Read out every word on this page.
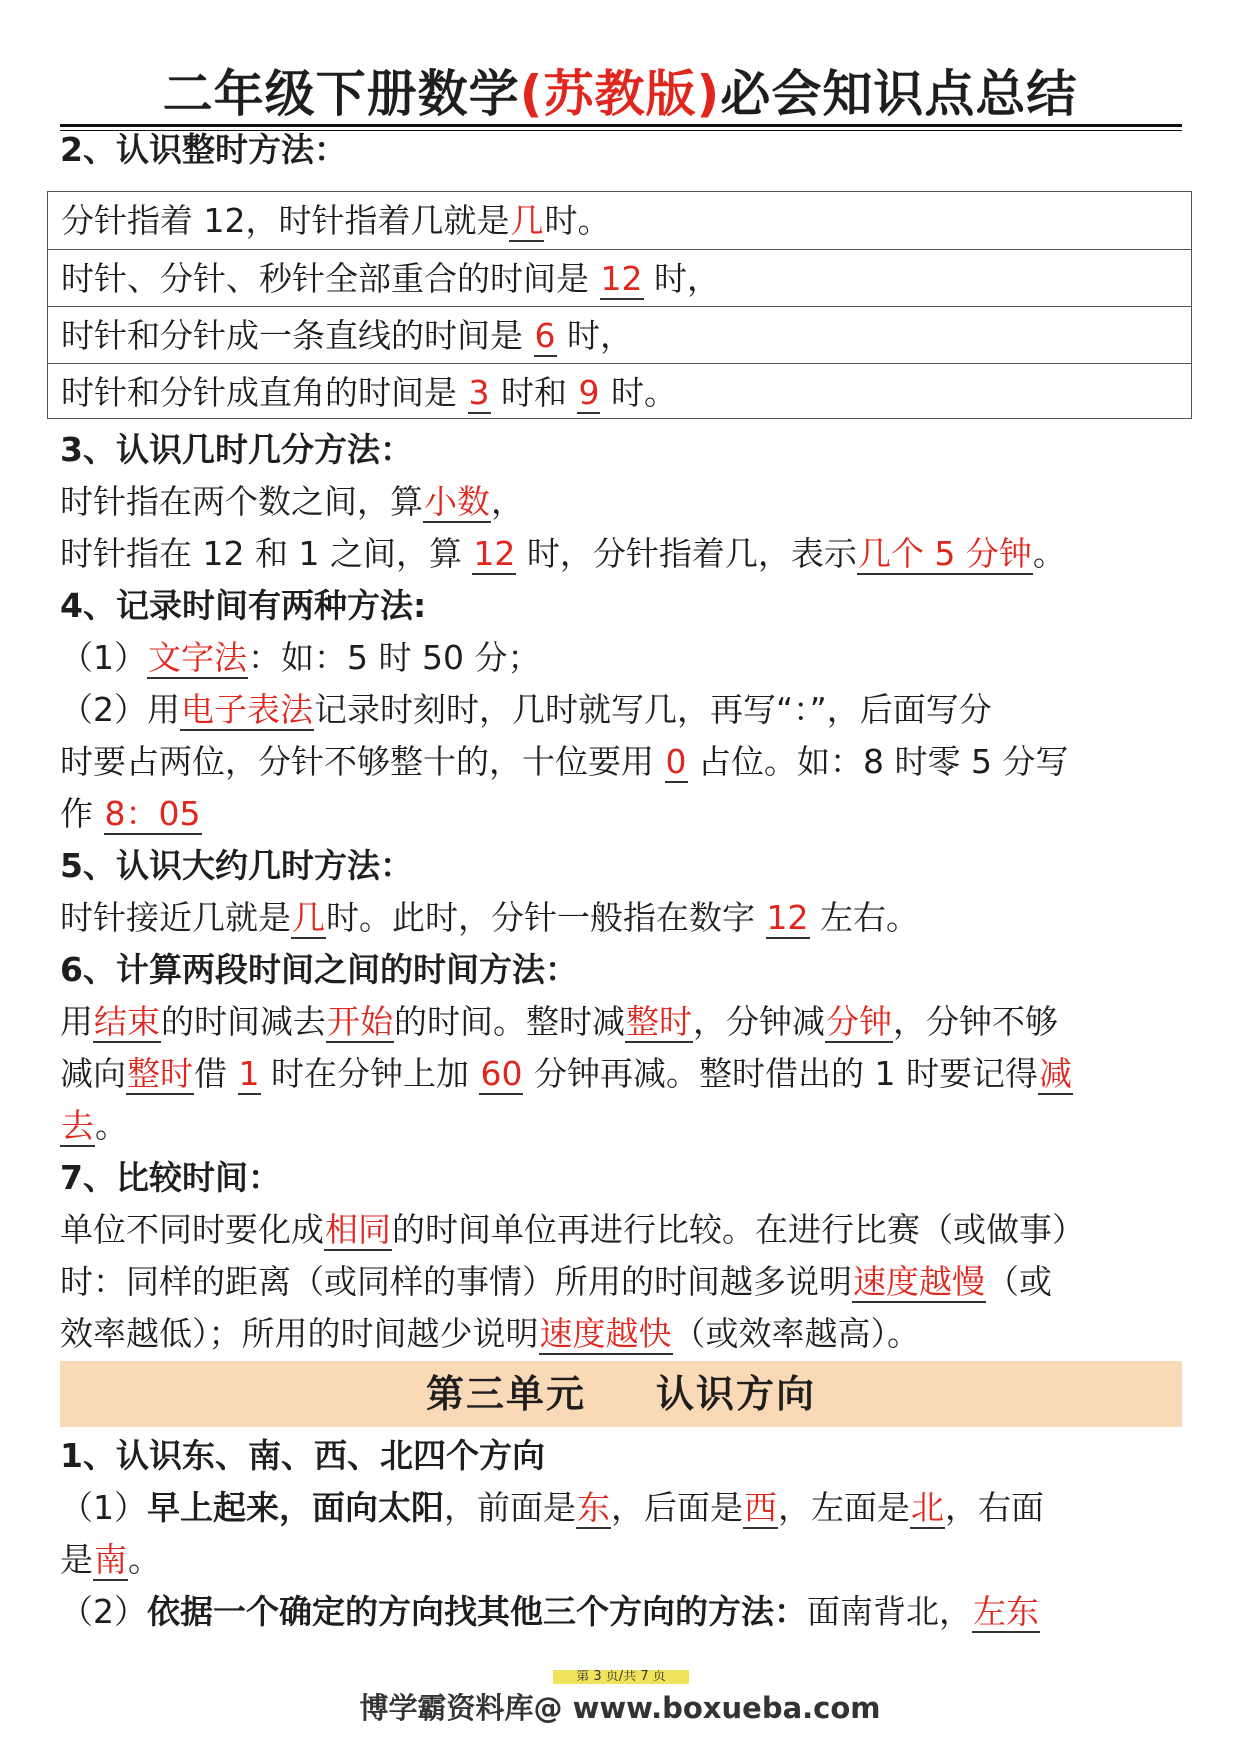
二年级下册数学(苏教版)必会知识点总结
2、认识整时方法：
分针指着 12，时针指着几就是几时。
时针、分针、秒针全部重合的时间是 12 时，
时针和分针成一条直线的时间是 6 时，
时针和分针成直角的时间是 3 时和 9 时。
3、认识几时几分方法：
时针指在两个数之间，算小数，
时针指在 12 和 1 之间，算 12 时，分针指着几，表示几个 5 分钟。
4、记录时间有两种方法:
（1）文字法：如：5 时 50 分；
（2）用电子表法记录时刻时，几时就写几，再写“：”，后面写分
时要占两位，分针不够整十的，十位要用 0 占位。如：8 时零 5 分写
作 8：05
5、认识大约几时方法：
时针接近几就是几时。此时，分针一般指在数字 12 左右。
6、计算两段时间之间的时间方法：
用结束的时间减去开始的时间。整时减整时，分钟减分钟，分钟不够
减向整时借 1 时在分钟上加 60 分钟再减。整时借出的 1 时要记得减
去。
7、比较时间：
单位不同时要化成相同的时间单位再进行比较。在进行比赛（或做事）
时：同样的距离（或同样的事情）所用的时间越多说明速度越慢（或
效率越低）；所用的时间越少说明速度越快（或效率越高）。
第三单元 认识方向
1、认识东、南、西、北四个方向
（1）早上起来，面向太阳，前面是东，后面是西，左面是北，右面
是南。
（2）依据一个确定的方向找其他三个方向的方法：面南背北，左东
第 3 页/共 7 页
博学霸资料库@ www.boxueba.com
